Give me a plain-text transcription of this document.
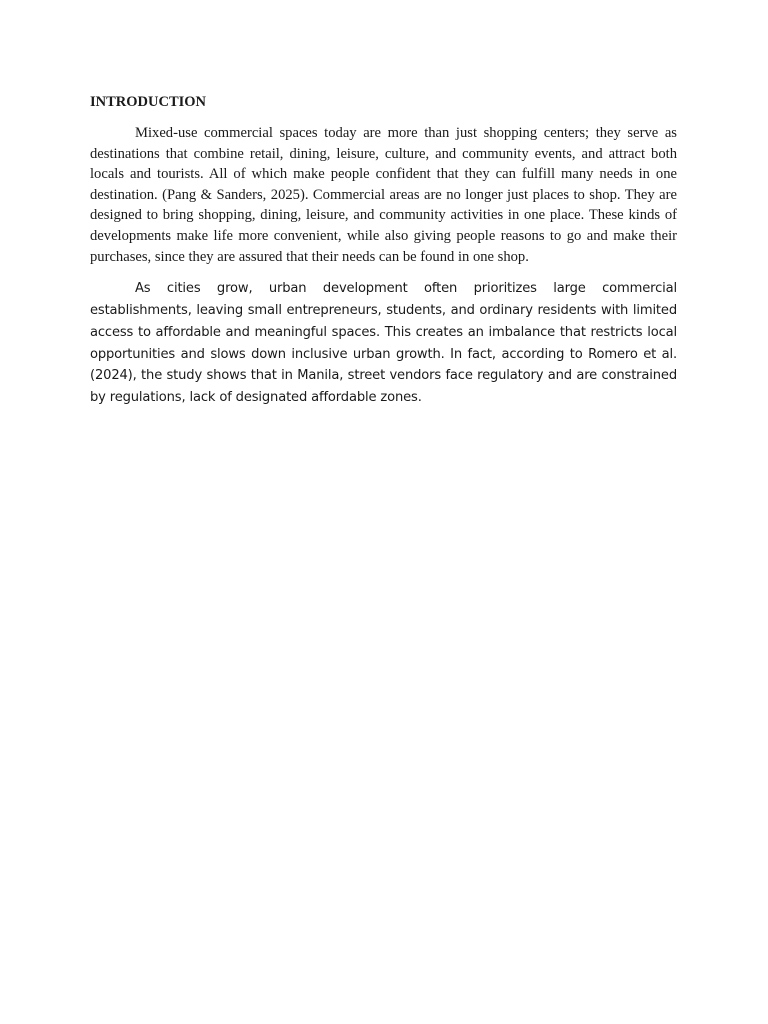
INTRODUCTION

Mixed-use commercial spaces today are more than just shopping centers; they serve as destinations that combine retail, dining, leisure, culture, and community events, and attract both locals and tourists. All of which make people confident that they can fulfill many needs in one destination. (Pang & Sanders, 2025). Commercial areas are no longer just places to shop. They are designed to bring shopping, dining, leisure, and community activities in one place. These kinds of developments make life more convenient, while also giving people reasons to go and make their purchases, since they are assured that their needs can be found in one shop.

As cities grow, urban development often prioritizes large commercial establishments, leaving small entrepreneurs, students, and ordinary residents with limited access to affordable and meaningful spaces. This creates an imbalance that restricts local opportunities and slows down inclusive urban growth. In fact, according to Romero et al. (2024), the study shows that in Manila, street vendors face regulatory and are constrained by regulations, lack of designated affordable zones.
